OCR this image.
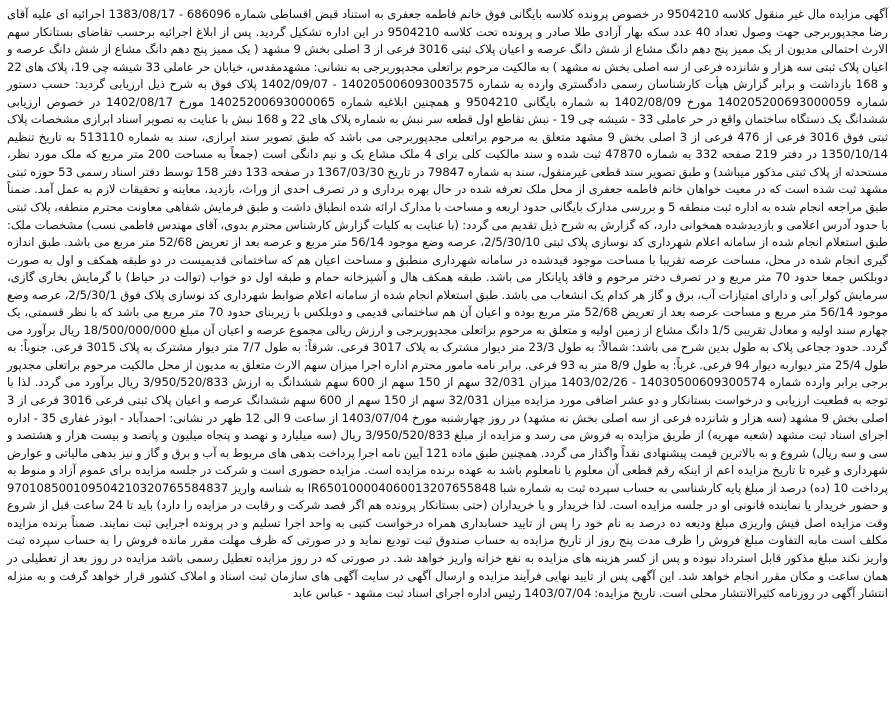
آگهی مزایده مال غیر منقول کلاسه 9504210 در خصوص پرونده کلاسه بایگانی فوق خانم فاطمه جعفری به استناد قبض اقساطی شماره 686096 - 1383/08/17 اجرائیه ای علیه آقای رضا مجدپوربرجی جهت وصول تعداد 40 عدد سکه بهار آزادی طلا صادر و پرونده تحت کلاسه 9504210 در این اداره تشکیل گردید. پس از ابلاغ اجرائیه برحسب تقاضای بستانکار سهم الارث احتمالی مدیون از یک ممیز پنج دهم دانگ مشاع از شش دانگ عرصه و اعیان پلاک ثبتی 3016 فرعی از 3 اصلی بخش 9 مشهد ( یک ممیز پنج دهم دانگ مشاع از شش دانگ عرصه و اعیان پلاک ثبتی سه هزار و شانزده فرعی از سه اصلی بخش نه مشهد ) به مالکیت مرحوم براتعلی مجدپوربرجی به نشانی: مشهدمقدس، خیابان حر عاملی 33 شیشه چی 19، پلاک های 22 و 168 بازداشت و برابر گزارش هیأت کارشناسان رسمی دادگستری وارده به شماره 140205006093003575 - 1402/09/07 پلاک فوق به شرح ذیل ارزیابی گردید: حسب دستور شماره 140205200693000059 مورخ 1402/08/09 به شماره بایگانی 9504210 و همچنین ابلاغیه شماره 14025200693000065 مورخ 1402/08/17 در خصوص ارزیابی ششدانگ یک دستگاه ساختمان واقع در حر عاملی 33 - شیشه چی 19 - نبش تقاطع اول قطعه سر نبش به شماره پلاک های 22 و 168 نبش با عنایت به تصویر اسناد ابرازی مشخصات پلاک ثبتی فوق 3016 فرعی از 476 فرعی از 3 اصلی بخش 9 مشهد متعلق به مرحوم براتعلی مجدپوربرجی می باشد که طبق تصویر سند ابرازی، سند به شماره 513110 به تاریخ تنظیم 1350/10/14 در دفتر 219 صفحه 332 به شماره 47870 ثبت شده و سند مالکیت کلی برای 4 ملک مشاع یک و نیم دانگی است (جمعاً به مساحت 200 متر مربع که ملک مورد نظر، مستحدثه از پلاک ثبتی مذکور میباشد) و طبق تصویر سند قطعی غیرمنقول، سند به شماره 79847 در تاریخ 1367/03/30 در صفحه 133 دفتر 158 توسط دفتر اسناد رسمی 53 حوزه ثبتی مشهد ثبت شده است که در معیت خواهان خانم فاطمه جعفری از محل ملک تعرفه شده در حال بهره برداری و در تصرف احدی از وراث، بازدید، معاینه و تحقیقات لازم به عمل آمد. ضمناً طبق مراجعه انجام شده به اداره ثبت منطقه 5 و بررسی مدارک بایگانی حدود اربعه و مساحت با مدارک ارائه شده انطباق داشت و طبق فرمایش شفاهی معاونت محترم منطقه، پلاک ثبتی با حدود آدرس اعلامی و بازدیدشده همخوانی دارد، که گزارش به شرح ذیل تقدیم می گردد: (با عنایت به کلیات گزارش کارشناس محترم بدوی، آقای مهندس فاطمی نسب) مشخصات ملک: طبق استعلام انجام شده از سامانه اعلام شهرداری کد نوسازی پلاک ثبتی 2/5/30/10، عرصه وضع موجود 56/14 متر مربع و عرصه بعد از تعریض 52/68 متر مربع می باشد. طبق اندازه گیری انجام شده در محل، مساحت عرصه تقریبا با مساحت موجود قیدشده در سامانه شهرداری منطبق و مساحت اعیان هم که ساختمانی قدیمیست در دو طبقه همکف و اول به صورت دوبلکس جمعا حدود 70 متر مربع و در تصرف دختر مرحوم و فاقد پایانکار می باشد. طبقه همکف هال و آشپزخانه حمام و طبقه اول دو خواب (توالت در حیاط) با گرمایش بخاری گازی، سرمایش کولر آبی و دارای امتیازات آب، برق و گاز هر کدام یک انشعاب می باشد. طبق استعلام انجام شده از سامانه اعلام ضوابط شهرداری کد نوسازی پلاک فوق 2/5/30/1، عرصه وضع موجود 56/14 متر مربع و مساحت عرصه بعد از تعریض 52/68 متر مربع بوده و اعیان آن هم ساختمانی قدیمی و دوبلکس با زیربنای حدود 70 متر مربع می باشد که با نظر قسمتی، یک چهارم سند اولیه و معادل تقریبی 1/5 دانگ مشاع از زمین اولیه و متعلق به مرحوم براتعلی مجدپوربرجی و ارزش ریالی مجموع عرصه و اعیان آن مبلغ 18/500/000/000 ریال برآورد می گردد. حدود ججاعی پلاک به طول بدین شرح می باشد: شمالاً: به طول 23/3 متر دیوار مشترک به پلاک 3017 فرعی. شرقاً: به طول 7/7 متر دیوار مشترک به پلاک 3015 فرعی. جنوباً: به طول 25/4 متر دیواربه دیوار 94 فرعی. غرباً: به طول 8/9 متر به 93 فرعی. برابر نامه مامور محترم اداره اجرا میزان سهم الارث متعلق به مدیون از محل مالکیت مرحوم براتعلی مجدپور برجی برابر وارده شماره 14030500609300574 - 1403/02/26 میزان 32/031 سهم از 150 سهم از 600 سهم ششدانگ به ارزش 3/950/520/833 ریال برآورد می گردد. لذا با توجه به قطعیت ارزیابی و درخواست بستانکار و دو عشر اضافی مورد مزایده میزان 32/031 سهم از 150 سهم از 600 سهم ششدانگ عرصه و اعیان پلاک ثبتی فرعی 3016 فرعی از 3 اصلی بخش 9 مشهد (سه هزار و شانزده فرعی از سه اصلی بخش نه مشهد) در روز چهارشنبه مورخ 1403/07/04 از ساعت 9 الی 12 ظهر در نشانی: احمدآباد - ابوذر غفاری 35 - اداره اجرای اسناد ثبت مشهد (شعبه مهریه) از طریق مزایده به فروش می رسد و مزایده از مبلغ 3/950/520/833 ریال (سه میلیارد و نهصد و پنجاه میلیون و پانصد و بیست هزار و هشتصد و سی و سه ریال) شروع و به بالاترین قیمت پیشنهادی نقداً واگذار می گردد. همچنین طبق ماده 121 آیین نامه اجرا پرداخت بدهی های مربوط به آب و برق و گاز و نیز بدهی مالیاتی و عوارض شهرداری و غیره تا تاریخ مزایده اعم از اینکه رقم قطعی آن معلوم یا نامعلوم باشد به عهده برنده مزایده است. مزایده حضوری است و شرکت در جلسه مزایده برای عموم آزاد و منوط به پرداخت 10 (ده) درصد از مبلغ پایه کارشناسی به حساب سپرده ثبت به شماره شبا IR650100004060013207655848 به شناسه واریز 970108500109504210320765584837 و حضور خریدار یا نماینده قانونی او در جلسه مزایده است. لذا خریدار و یا خریداران (حتی بستانکار پرونده هم اگر قصد شرکت و رقابت در مزایده را دارد) باید تا 24 ساعت قبل از شروع وقت مزایده اصل فیش واریزی مبلغ ودیعه ده درصد به نام خود را پس از تایید حسابداری همراه درخواست کتبی به واحد اجرا تسلیم و در پرونده اجرایی ثبت نمایند. ضمناً برنده مزایده مکلف است مابه التفاوت مبلغ فروش را ظرف مدت پنج روز از تاریخ مزایده به حساب صندوق ثبت تودیع نماید و در صورتی که ظرف مهلت مقرر مانده فروش را به حساب سپرده ثبت واریز نکند مبلغ مذکور قابل استرداد نبوده و پس از کسر هزینه های مزایده به نفع خزانه واریز خواهد شد. در صورتی که در روز مزایده تعطیل رسمی باشد مزایده در روز بعد از تعطیلی در همان ساعت و مکان مقرر انجام خواهد شد. این آگهی پس از تایید نهایی فرآیند مزایده و ارسال آگهی در سایت آگهی های سازمان ثبت اسناد و املاک کشور قرار خواهد گرفت و به منزله انتشار آگهی در روزنامه کثیرالانتشار محلی است. تاریخ مزایده: 1403/07/04 رئیس اداره اجرای اسناد ثبت مشهد - عباس عابد
